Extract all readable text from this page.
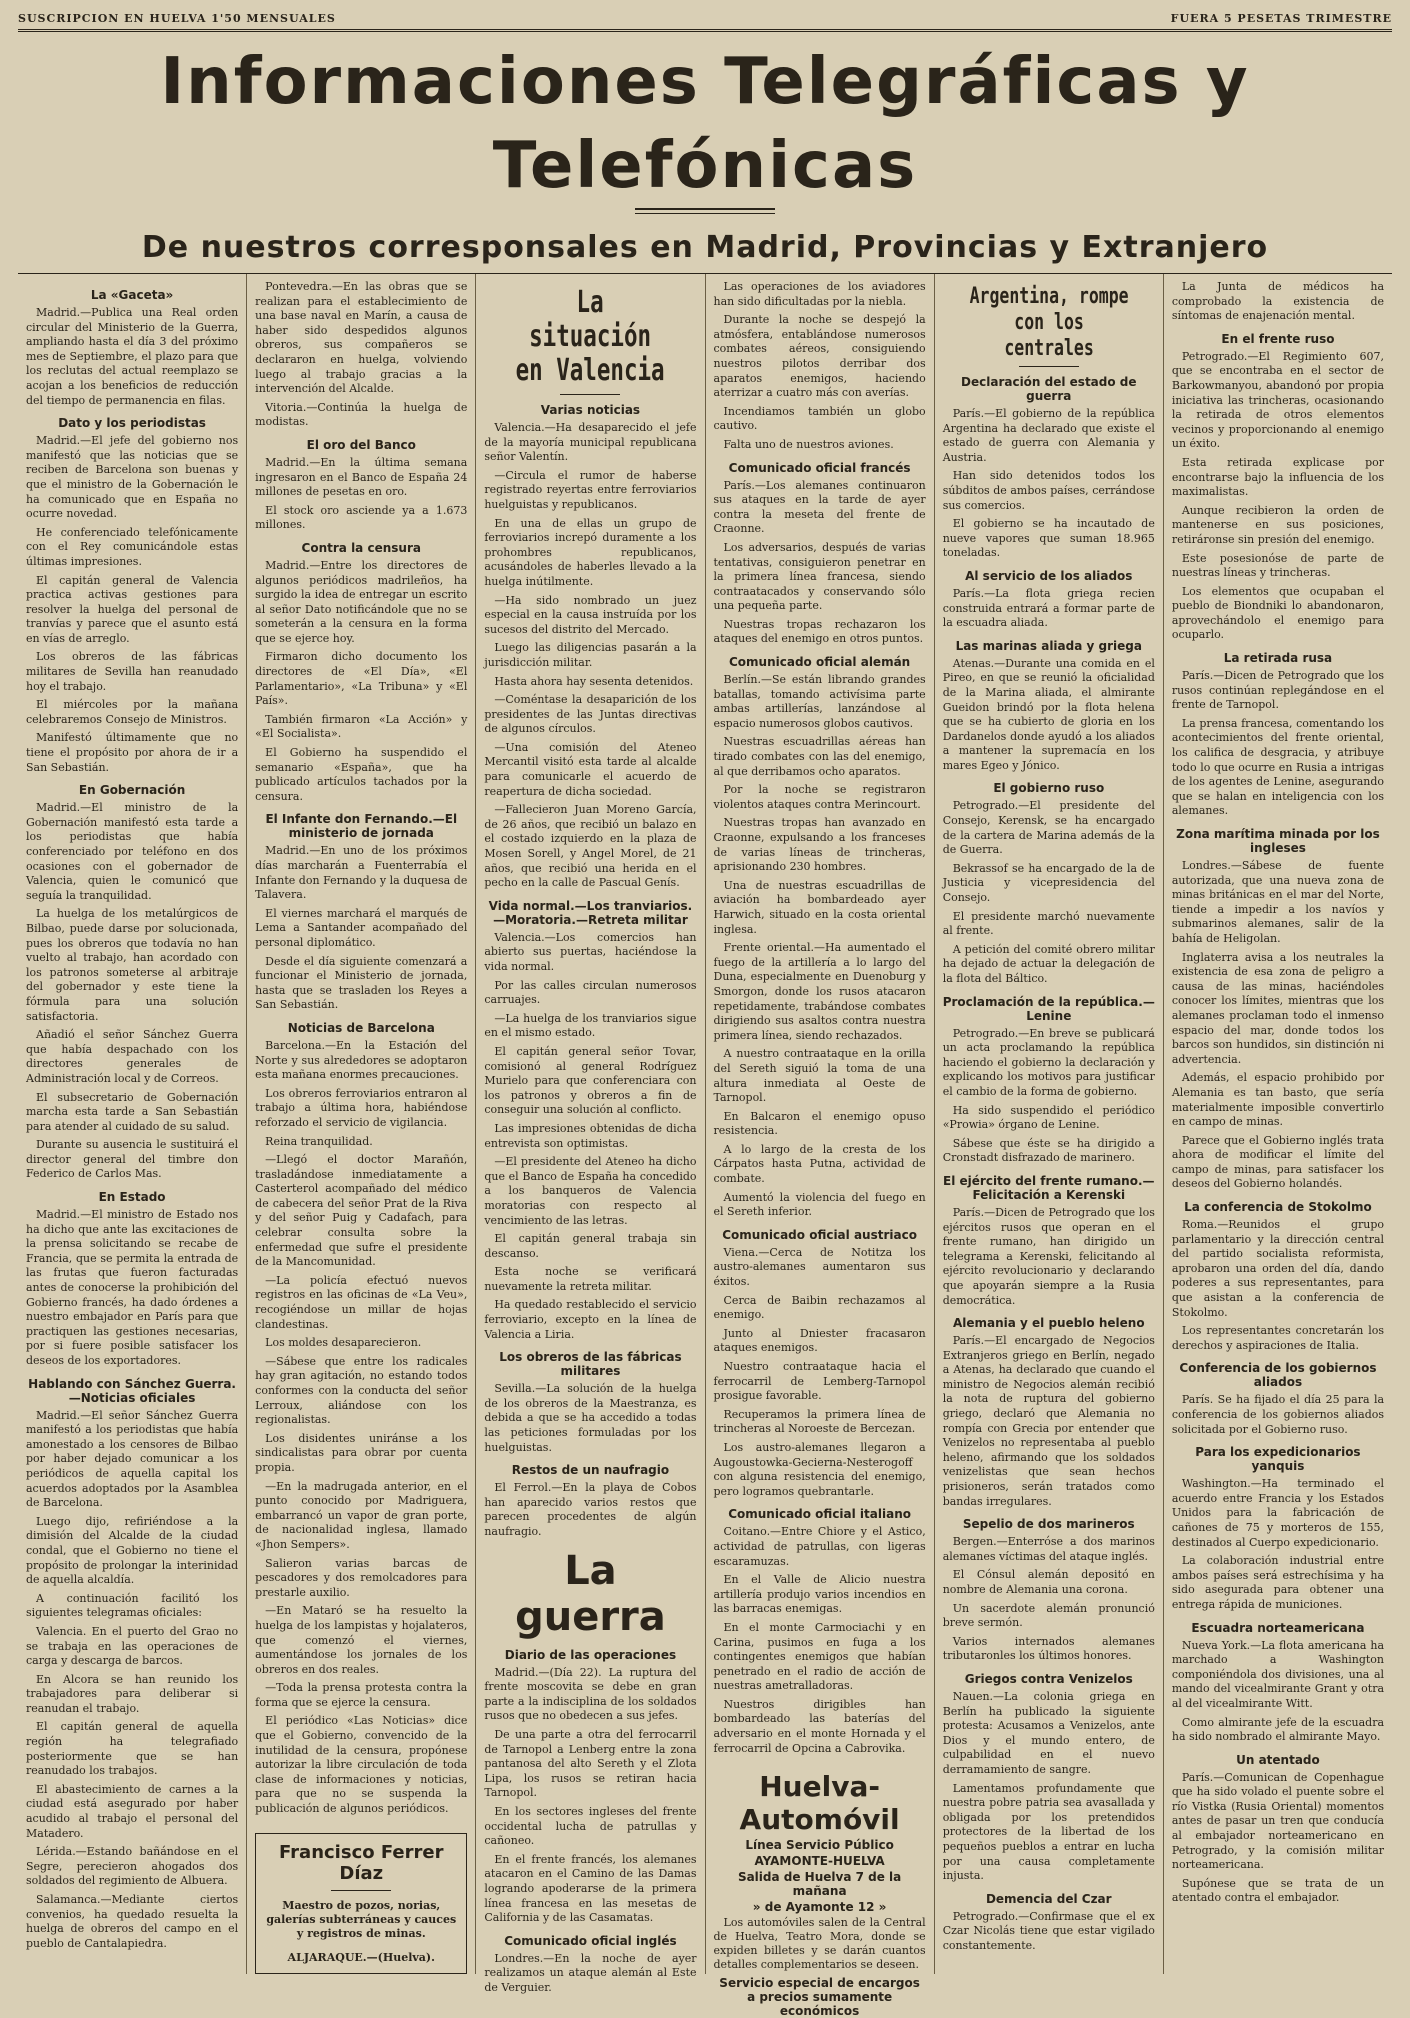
SUSCRIPCION EN HUELVA 1'50 MENSUALES	FUERA 5 PESETAS TRIMESTRE
Informaciones Telegráficas y Telefónicas
De nuestros corresponsales en Madrid, Provincias y Extranjero
La «Gaceta»

Madrid.—Publica una Real orden circular del Ministerio de la Guerra, ampliando hasta el día 3 del próximo mes de Septiembre, el plazo para que los reclutas del actual reemplazo se acojan a los beneficios de reducción del tiempo de permanencia en filas.

Dato y los periodistas

Madrid.—El jefe del gobierno nos manifestó que las noticias que se reciben de Barcelona son buenas y que el ministro de la Gobernación le ha comunicado que en España no ocurre novedad.

He conferenciado telefónicamente con el Rey comunicándole estas últimas impresiones.

El capitán general de Valencia practica activas gestiones para resolver la huelga del personal de tranvías y parece que el asunto está en vías de arreglo.

Los obreros de las fábricas militares de Sevilla han reanudado hoy el trabajo.

El miércoles por la mañana celebraremos Consejo de Ministros.

Manifestó últimamente que no tiene el propósito por ahora de ir a San Sebastián.

En Gobernación

Madrid.—El ministro de la Gobernación manifestó esta tarde a los periodistas que había conferenciado por teléfono en dos ocasiones con el gobernador de Valencia, quien le comunicó que seguía la tranquilidad.

La huelga de los metalúrgicos de Bilbao, puede darse por solucionada, pues los obreros que todavía no han vuelto al trabajo, han acordado con los patronos someterse al arbitraje del gobernador y este tiene la fórmula para una solución satisfactoria.

Añadió el señor Sánchez Guerra que había despachado con los directores generales de Administración local y de Correos.

El subsecretario de Gobernación marcha esta tarde a San Sebastián para atender al cuidado de su salud.

Durante su ausencia le sustituirá el director general del timbre don Federico de Carlos Mas.

En Estado

Madrid.—El ministro de Estado nos ha dicho que ante las excitaciones de la prensa solicitando se recabe de Francia, que se permita la entrada de las frutas que fueron facturadas antes de conocerse la prohibición del Gobierno francés, ha dado órdenes a nuestro embajador en París para que practiquen las gestiones necesarias, por si fuere posible satisfacer los deseos de los exportadores.

Hablando con Sánchez Guerra.—Noticias oficiales

Madrid.—El señor Sánchez Guerra manifestó a los periodistas que había amonestado a los censores de Bilbao por haber dejado comunicar a los periódicos de aquella capital los acuerdos adoptados por la Asamblea de Barcelona.

Luego dijo, refiriéndose a la dimisión del Alcalde de la ciudad condal, que el Gobierno no tiene el propósito de prolongar la interinidad de aquella alcaldía.

A continuación facilitó los siguientes telegramas oficiales:

Valencia. En el puerto del Grao no se trabaja en las operaciones de carga y descarga de barcos.

En Alcora se han reunido los trabajadores para deliberar si reanudan el trabajo.

El capitán general de aquella región ha telegrafiado posteriormente que se han reanudado los trabajos.

El abastecimiento de carnes a la ciudad está asegurado por haber acudido al trabajo el personal del Matadero.

Lérida.—Estando bañándose en el Segre, perecieron ahogados dos soldados del regimiento de Albuera.

Salamanca.—Mediante ciertos convenios, ha quedado resuelta la huelga de obreros del campo en el pueblo de Cantalapiedra.

Pontevedra.—En las obras que se realizan para el establecimiento de una base naval en Marín, a causa de haber sido despedidos algunos obreros, sus compañeros se declararon en huelga, volviendo luego al trabajo gracias a la intervención del Alcalde.

Vitoria.—Continúa la huelga de modistas.

El oro del Banco

Madrid.—En la última semana ingresaron en el Banco de España 24 millones de pesetas en oro.

El stock oro asciende ya a 1.673 millones.

Contra la censura

Madrid.—Entre los directores de algunos periódicos madrileños, ha surgido la idea de entregar un escrito al señor Dato notificándole que no se someterán a la censura en la forma que se ejerce hoy.

Firmaron dicho documento los directores de «El Día», «El Parlamentario», «La Tribuna» y «El País».

También firmaron «La Acción» y «El Socialista».

El Gobierno ha suspendido el semanario «España», que ha publicado artículos tachados por la censura.

El Infante don Fernando.—El ministerio de jornada

Madrid.—En uno de los próximos días marcharán a Fuenterrabía el Infante don Fernando y la duquesa de Talavera.

El viernes marchará el marqués de Lema a Santander acompañado del personal diplomático.

Desde el día siguiente comenzará a funcionar el Ministerio de jornada, hasta que se trasladen los Reyes a San Sebastián.

Noticias de Barcelona

Barcelona.—En la Estación del Norte y sus alrededores se adoptaron esta mañana enormes precauciones.

Los obreros ferroviarios entraron al trabajo a última hora, habiéndose reforzado el servicio de vigilancia.

Reina tranquilidad.

—Llegó el doctor Marañón, trasladándose inmediatamente a Casterterol acompañado del médico de cabecera del señor Prat de la Riva y del señor Puig y Cadafach, para celebrar consulta sobre la enfermedad que sufre el presidente de la Mancomunidad.

—La policía efectuó nuevos registros en las oficinas de «La Veu», recogiéndose un millar de hojas clandestinas.

Los moldes desaparecieron.

—Sábese que entre los radicales hay gran agitación, no estando todos conformes con la conducta del señor Lerroux, aliándose con los regionalistas.

Los disidentes uniránse a los sindicalistas para obrar por cuenta propia.

—En la madrugada anterior, en el punto conocido por Madriguera, embarrancó un vapor de gran porte, de nacionalidad inglesa, llamado «Jhon Sempers».

Salieron varias barcas de pescadores y dos remolcadores para prestarle auxilio.

—En Mataró se ha resuelto la huelga de los lampistas y hojalateros, que comenzó el viernes, aumentándose los jornales de los obreros en dos reales.

—Toda la prensa protesta contra la forma que se ejerce la censura.

El periódico «Las Noticias» dice que el Gobierno, convencido de la inutilidad de la censura, propónese autorizar la libre circulación de toda clase de informaciones y noticias, para que no se suspenda la publicación de algunos periódicos.

Francisco Ferrer Díaz
Maestro de pozos, norias, galerías subterráneas y cauces y registros de minas.
ALJARAQUE.—(Huelva).
La situación en Valencia
Varias noticias

Valencia.—Ha desaparecido el jefe de la mayoría municipal republicana señor Valentín.

—Circula el rumor de haberse registrado reyertas entre ferroviarios huelguistas y republicanos.

En una de ellas un grupo de ferroviarios increpó duramente a los prohombres republicanos, acusándoles de haberles llevado a la huelga inútilmente.

—Ha sido nombrado un juez especial en la causa instruída por los sucesos del distrito del Mercado.

Luego las diligencias pasarán a la jurisdicción militar.

Hasta ahora hay sesenta detenidos.

—Coméntase la desaparición de los presidentes de las Juntas directivas de algunos círculos.

—Una comisión del Ateneo Mercantil visitó esta tarde al alcalde para comunicarle el acuerdo de reapertura de dicha sociedad.

—Fallecieron Juan Moreno García, de 26 años, que recibió un balazo en el costado izquierdo en la plaza de Mosen Sorell, y Angel Morel, de 21 años, que recibió una herida en el pecho en la calle de Pascual Genís.

Vida normal.—Los tranviarios.—Moratoria.—Retreta militar

Valencia.—Los comercios han abierto sus puertas, haciéndose la vida normal.

Por las calles circulan numerosos carruajes.

—La huelga de los tranviarios sigue en el mismo estado.

El capitán general señor Tovar, comisionó al general Rodríguez Murielo para que conferenciara con los patronos y obreros a fin de conseguir una solución al conflicto.

Las impresiones obtenidas de dicha entrevista son optimistas.

—El presidente del Ateneo ha dicho que el Banco de España ha concedido a los banqueros de Valencia moratorias con respecto al vencimiento de las letras.

El capitán general trabaja sin descanso.

Esta noche se verificará nuevamente la retreta militar.

Ha quedado restablecido el servicio ferroviario, excepto en la línea de Valencia a Liria.

Los obreros de las fábricas militares

Sevilla.—La solución de la huelga de los obreros de la Maestranza, es debida a que se ha accedido a todas las peticiones formuladas por los huelguistas.

Restos de un naufragio

El Ferrol.—En la playa de Cobos han aparecido varios restos que parecen procedentes de algún naufragio.

La guerra
Diario de las operaciones

Madrid.—(Día 22). La ruptura del frente moscovita se debe en gran parte a la indisciplina de los soldados rusos que no obedecen a sus jefes.

De una parte a otra del ferrocarril de Tarnopol a Lenberg entre la zona pantanosa del alto Sereth y el Zlota Lipa, los rusos se retiran hacia Tarnopol.

En los sectores ingleses del frente occidental lucha de patrullas y cañoneo.

En el frente francés, los alemanes atacaron en el Camino de las Damas logrando apoderarse de la primera línea francesa en las mesetas de California y de las Casamatas.

Comunicado oficial inglés

Londres.—En la noche de ayer realizamos un ataque alemán al Este de Verguier.

Las operaciones de los aviadores han sido dificultadas por la niebla.

Durante la noche se despejó la atmósfera, entablándose numerosos combates aéreos, consiguiendo nuestros pilotos derribar dos aparatos enemigos, haciendo aterrizar a cuatro más con averías.

Incendiamos también un globo cautivo.

Falta uno de nuestros aviones.

Comunicado oficial francés

París.—Los alemanes continuaron sus ataques en la tarde de ayer contra la meseta del frente de Craonne.

Los adversarios, después de varias tentativas, consiguieron penetrar en la primera línea francesa, siendo contraatacados y conservando sólo una pequeña parte.

Nuestras tropas rechazaron los ataques del enemigo en otros puntos.

Comunicado oficial alemán

Berlín.—Se están librando grandes batallas, tomando activísima parte ambas artillerías, lanzándose al espacio numerosos globos cautivos.

Nuestras escuadrillas aéreas han tirado combates con las del enemigo, al que derribamos ocho aparatos.

Por la noche se registraron violentos ataques contra Merincourt.

Nuestras tropas han avanzado en Craonne, expulsando a los franceses de varias líneas de trincheras, aprisionando 230 hombres.

Una de nuestras escuadrillas de aviación ha bombardeado ayer Harwich, situado en la costa oriental inglesa.

Frente oriental.—Ha aumentado el fuego de la artillería a lo largo del Duna, especialmente en Duenoburg y Smorgon, donde los rusos atacaron repetidamente, trabándose combates dirigiendo sus asaltos contra nuestra primera línea, siendo rechazados.

A nuestro contraataque en la orilla del Sereth siguió la toma de una altura inmediata al Oeste de Tarnopol.

En Balcaron el enemigo opuso resistencia.

A lo largo de la cresta de los Cárpatos hasta Putna, actividad de combate.

Aumentó la violencia del fuego en el Sereth inferior.

Comunicado oficial austriaco

Viena.—Cerca de Notitza los austro-alemanes aumentaron sus éxitos.

Cerca de Baibin rechazamos al enemigo.

Junto al Dniester fracasaron ataques enemigos.

Nuestro contraataque hacia el ferrocarril de Lemberg-Tarnopol prosigue favorable.

Recuperamos la primera línea de trincheras al Noroeste de Bercezan.

Los austro-alemanes llegaron a Augoustowka-Gecierna-Nesterogoff con alguna resistencia del enemigo, pero logramos quebrantarle.

Comunicado oficial italiano

Coitano.—Entre Chiore y el Astico, actividad de patrullas, con ligeras escaramuzas.

En el Valle de Alicio nuestra artillería produjo varios incendios en las barracas enemigas.

En el monte Carmociachi y en Carina, pusimos en fuga a los contingentes enemigos que habían penetrado en el radio de acción de nuestras ametralladoras.

Nuestros dirigibles han bombardeado las baterías del adversario en el monte Hornada y el ferrocarril de Opcina a Cabrovika.

Huelva-Automóvil
Línea Servicio Público
AYAMONTE-HUELVA
Salida de Huelva 7 de la mañana
» de Ayamonte 12 »

Los automóviles salen de la Central de Huelva, Teatro Mora, donde se expiden billetes y se darán cuantos detalles complementarios se deseen.

Servicio especial de encargos a precios sumamente económicos
Argentina, rompe con los centrales
Declaración del estado de guerra

París.—El gobierno de la república Argentina ha declarado que existe el estado de guerra con Alemania y Austria.

Han sido detenidos todos los súbditos de ambos países, cerrándose sus comercios.

El gobierno se ha incautado de nueve vapores que suman 18.965 toneladas.

Al servicio de los aliados

París.—La flota griega recien construida entrará a formar parte de la escuadra aliada.

Las marinas aliada y griega

Atenas.—Durante una comida en el Pireo, en que se reunió la oficialidad de la Marina aliada, el almirante Gueidon brindó por la flota helena que se ha cubierto de gloria en los Dardanelos donde ayudó a los aliados a mantener la supremacía en los mares Egeo y Jónico.

El gobierno ruso

Petrogrado.—El presidente del Consejo, Kerensk, se ha encargado de la cartera de Marina además de la de Guerra.

Bekrassof se ha encargado de la de Justicia y vicepresidencia del Consejo.

El presidente marchó nuevamente al frente.

A petición del comité obrero militar ha dejado de actuar la delegación de la flota del Báltico.

Proclamación de la república.—Lenine

Petrogrado.—En breve se publicará un acta proclamando la república haciendo el gobierno la declaración y explicando los motivos para justificar el cambio de la forma de gobierno.

Ha sido suspendido el periódico «Prowia» órgano de Lenine.

Sábese que éste se ha dirigido a Cronstadt disfrazado de marinero.

El ejército del frente rumano.—Felicitación a Kerenski

París.—Dicen de Petrogrado que los ejércitos rusos que operan en el frente rumano, han dirigido un telegrama a Kerenski, felicitando al ejército revolucionario y declarando que apoyarán siempre a la Rusia democrática.

Alemania y el pueblo heleno

París.—El encargado de Negocios Extranjeros griego en Berlín, negado a Atenas, ha declarado que cuando el ministro de Negocios alemán recibió la nota de ruptura del gobierno griego, declaró que Alemania no rompía con Grecia por entender que Venizelos no representaba al pueblo heleno, afirmando que los soldados venizelistas que sean hechos prisioneros, serán tratados como bandas irregulares.

Sepelio de dos marineros

Bergen.—Enterróse a dos marinos alemanes víctimas del ataque inglés.

El Cónsul alemán depositó en nombre de Alemania una corona.

Un sacerdote alemán pronunció breve sermón.

Varios internados alemanes tributaronles los últimos honores.

Griegos contra Venizelos

Nauen.—La colonia griega en Berlín ha publicado la siguiente protesta: Acusamos a Venizelos, ante Dios y el mundo entero, de culpabilidad en el nuevo derramamiento de sangre.

Lamentamos profundamente que nuestra pobre patria sea avasallada y obligada por los pretendidos protectores de la libertad de los pequeños pueblos a entrar en lucha por una causa completamente injusta.

Demencia del Czar

Petrogrado.—Confirmase que el ex Czar Nicolás tiene que estar vigilado constantemente.

La Junta de médicos ha comprobado la existencia de síntomas de enajenación mental.

En el frente ruso

Petrogrado.—El Regimiento 607, que se encontraba en el sector de Barkowmanyou, abandonó por propia iniciativa las trincheras, ocasionando la retirada de otros elementos vecinos y proporcionando al enemigo un éxito.

Esta retirada explicase por encontrarse bajo la influencia de los maximalistas.

Aunque recibieron la orden de mantenerse en sus posiciones, retiráronse sin presión del enemigo.

Este posesionóse de parte de nuestras líneas y trincheras.

Los elementos que ocupaban el pueblo de Biondniki lo abandonaron, aprovechándolo el enemigo para ocuparlo.

La retirada rusa

París.—Dicen de Petrogrado que los rusos continúan replegándose en el frente de Tarnopol.

La prensa francesa, comentando los acontecimientos del frente oriental, los califica de desgracia, y atribuye todo lo que ocurre en Rusia a intrigas de los agentes de Lenine, asegurando que se halan en inteligencia con los alemanes.

Zona marítima minada por los ingleses

Londres.—Sábese de fuente autorizada, que una nueva zona de minas británicas en el mar del Norte, tiende a impedir a los navíos y submarinos alemanes, salir de la bahía de Heligolan.

Inglaterra avisa a los neutrales la existencia de esa zona de peligro a causa de las minas, haciéndoles conocer los límites, mientras que los alemanes proclaman todo el inmenso espacio del mar, donde todos los barcos son hundidos, sin distinción ni advertencia.

Además, el espacio prohibido por Alemania es tan basto, que sería materialmente imposible convertirlo en campo de minas.

Parece que el Gobierno inglés trata ahora de modificar el límite del campo de minas, para satisfacer los deseos del Gobierno holandés.

La conferencia de Stokolmo

Roma.—Reunidos el grupo parlamentario y la dirección central del partido socialista reformista, aprobaron una orden del día, dando poderes a sus representantes, para que asistan a la conferencia de Stokolmo.

Los representantes concretarán los derechos y aspiraciones de Italia.

Conferencia de los gobiernos aliados

París. Se ha fijado el día 25 para la conferencia de los gobiernos aliados solicitada por el Gobierno ruso.

Para los expedicionarios yanquis

Washington.—Ha terminado el acuerdo entre Francia y los Estados Unidos para la fabricación de cañones de 75 y morteros de 155, destinados al Cuerpo expedicionario.

La colaboración industrial entre ambos países será estrechísima y ha sido asegurada para obtener una entrega rápida de municiones.

Escuadra norteamericana

Nueva York.—La flota americana ha marchado a Washington componiéndola dos divisiones, una al mando del vicealmirante Grant y otra al del vicealmirante Witt.

Como almirante jefe de la escuadra ha sido nombrado el almirante Mayo.

Un atentado

París.—Comunican de Copenhague que ha sido volado el puente sobre el río Vistka (Rusia Oriental) momentos antes de pasar un tren que conducía al embajador norteamericano en Petrogrado, y la comisión militar norteamericana.

Supónese que se trata de un atentado contra el embajador.
